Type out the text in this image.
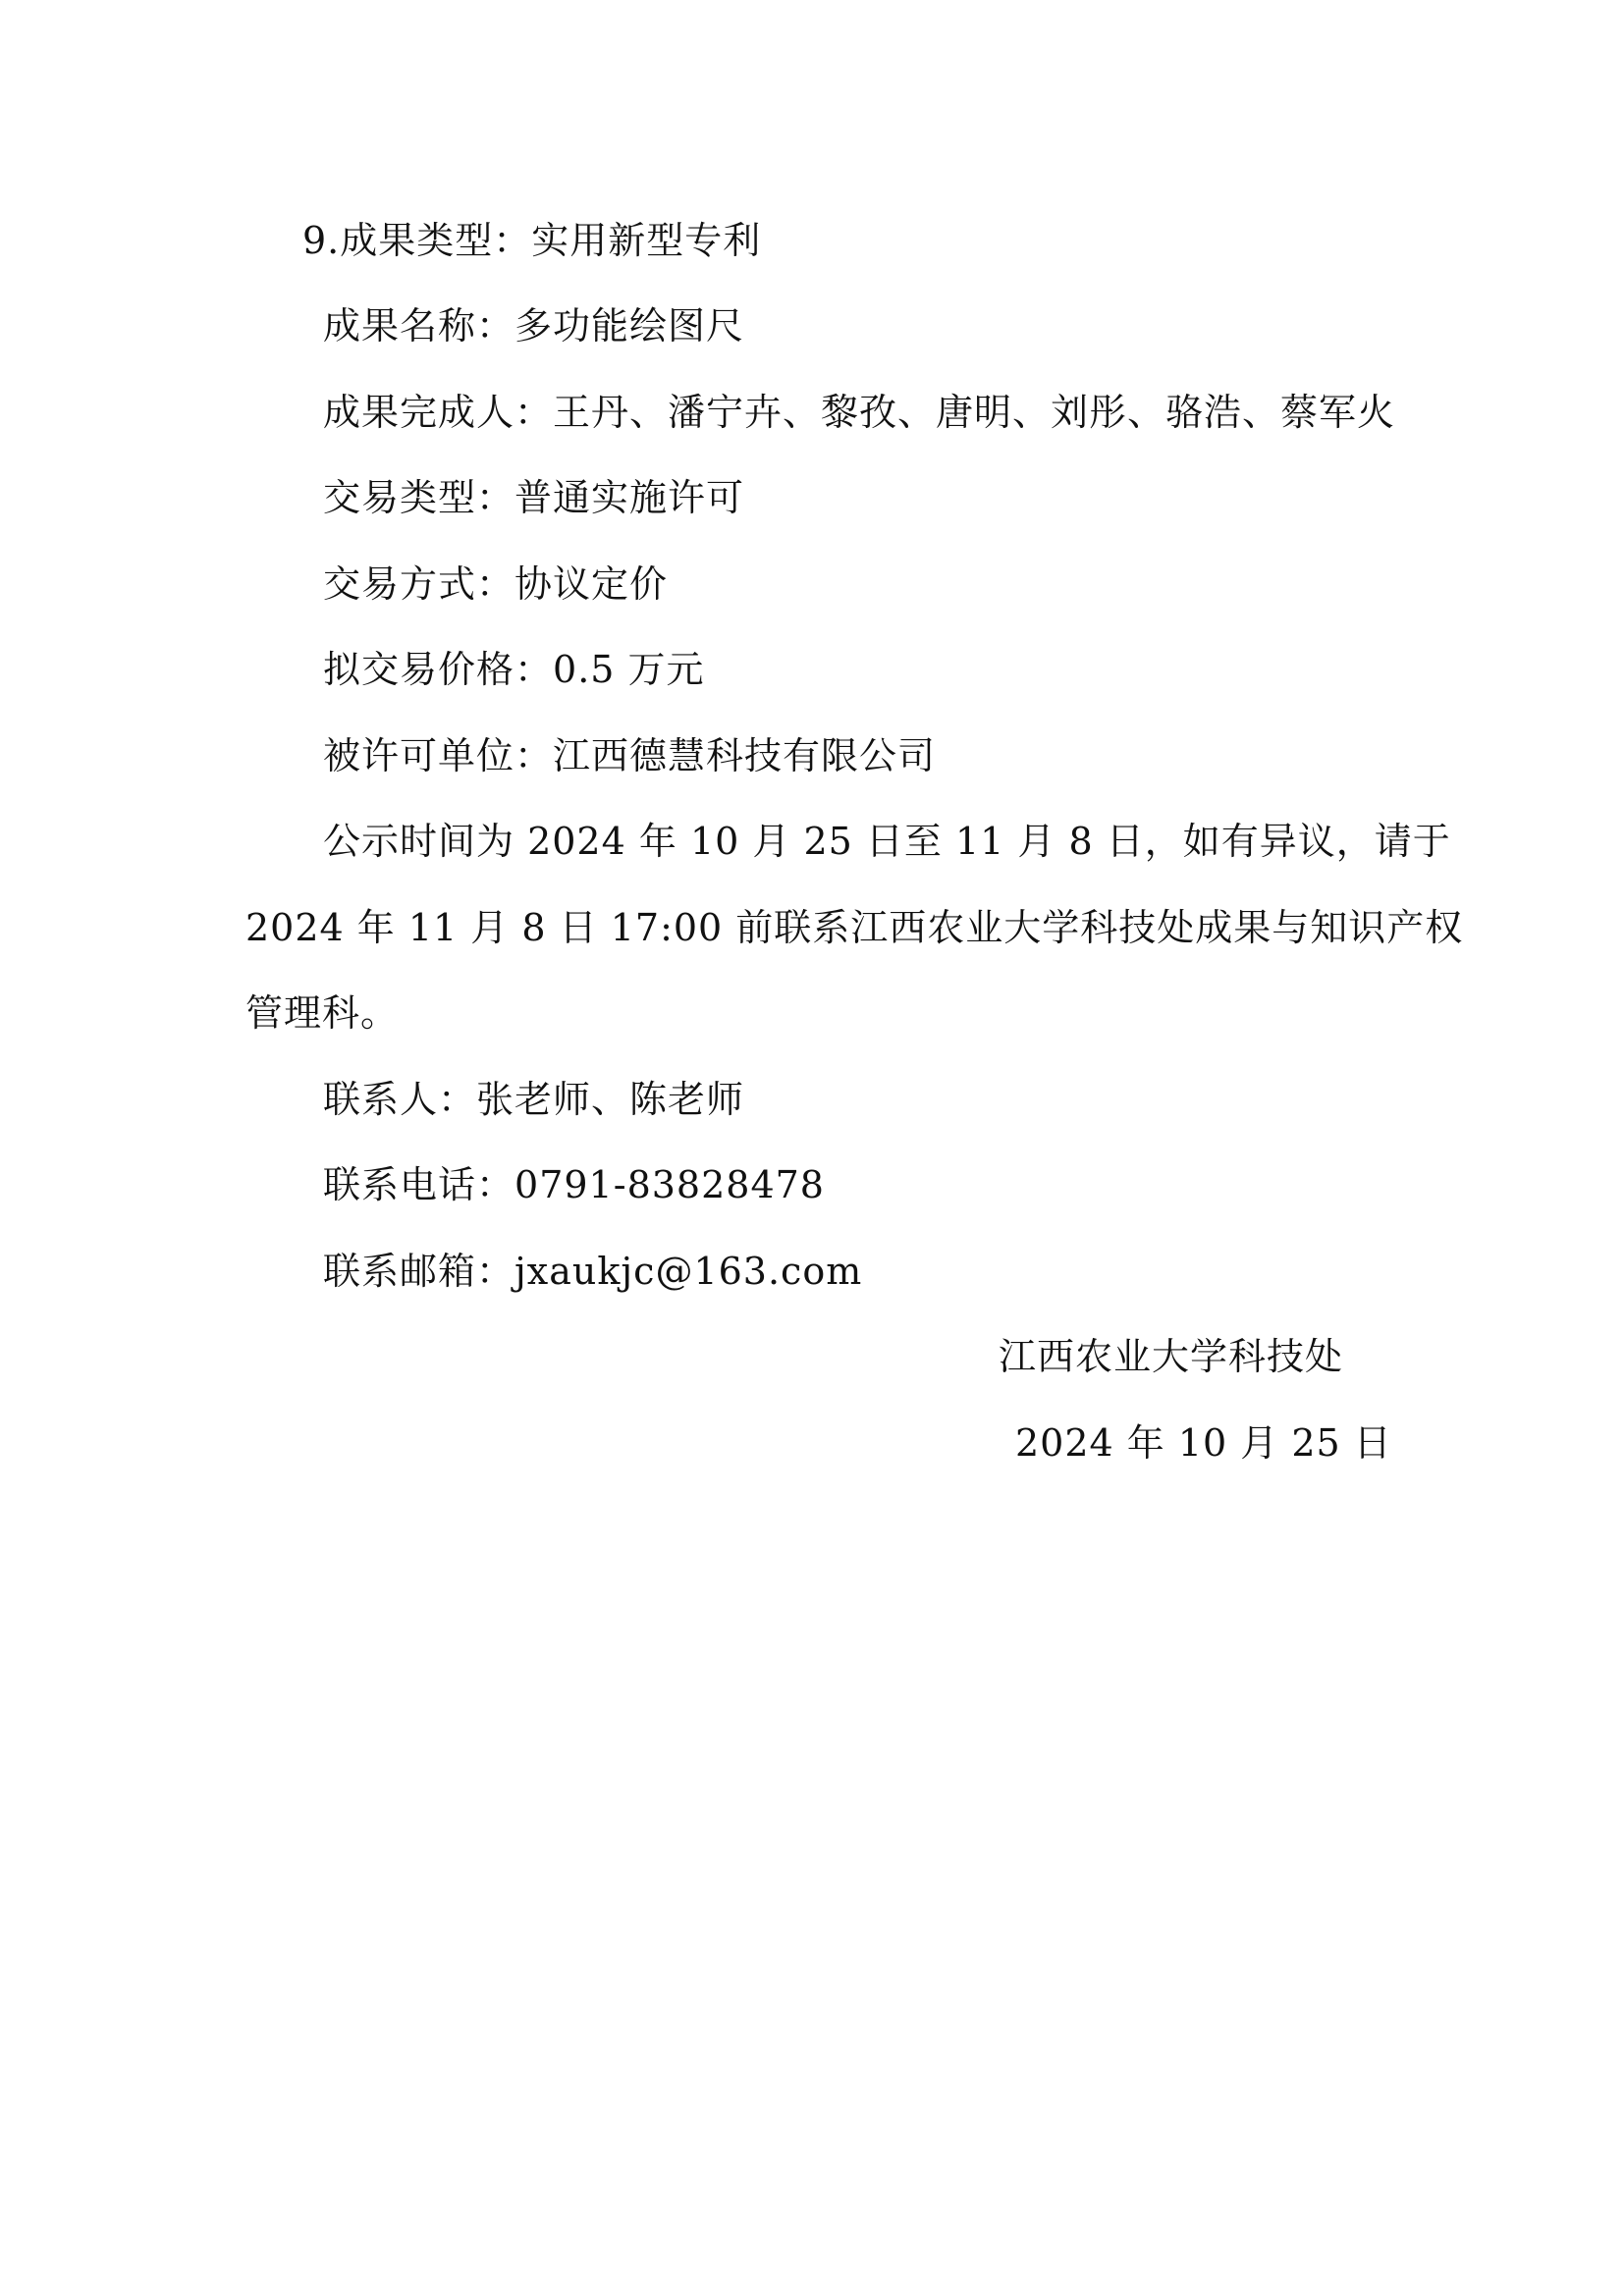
9.成果类型：实用新型专利
成果名称：多功能绘图尺
成果完成人：王丹、潘宁卉、黎孜、唐明、刘彤、骆浩、蔡军火
交易类型：普通实施许可
交易方式：协议定价
拟交易价格：0.5 万元
被许可单位：江西德慧科技有限公司
公示时间为 2024 年 10 月 25 日至 11 月 8 日，如有异议，请于
2024 年 11 月 8 日 17:00 前联系江西农业大学科技处成果与知识产权
管理科。
联系人：张老师、陈老师
联系电话：0791-83828478
联系邮箱：jxaukjc@163.com
江西农业大学科技处
2024 年 10 月 25 日
